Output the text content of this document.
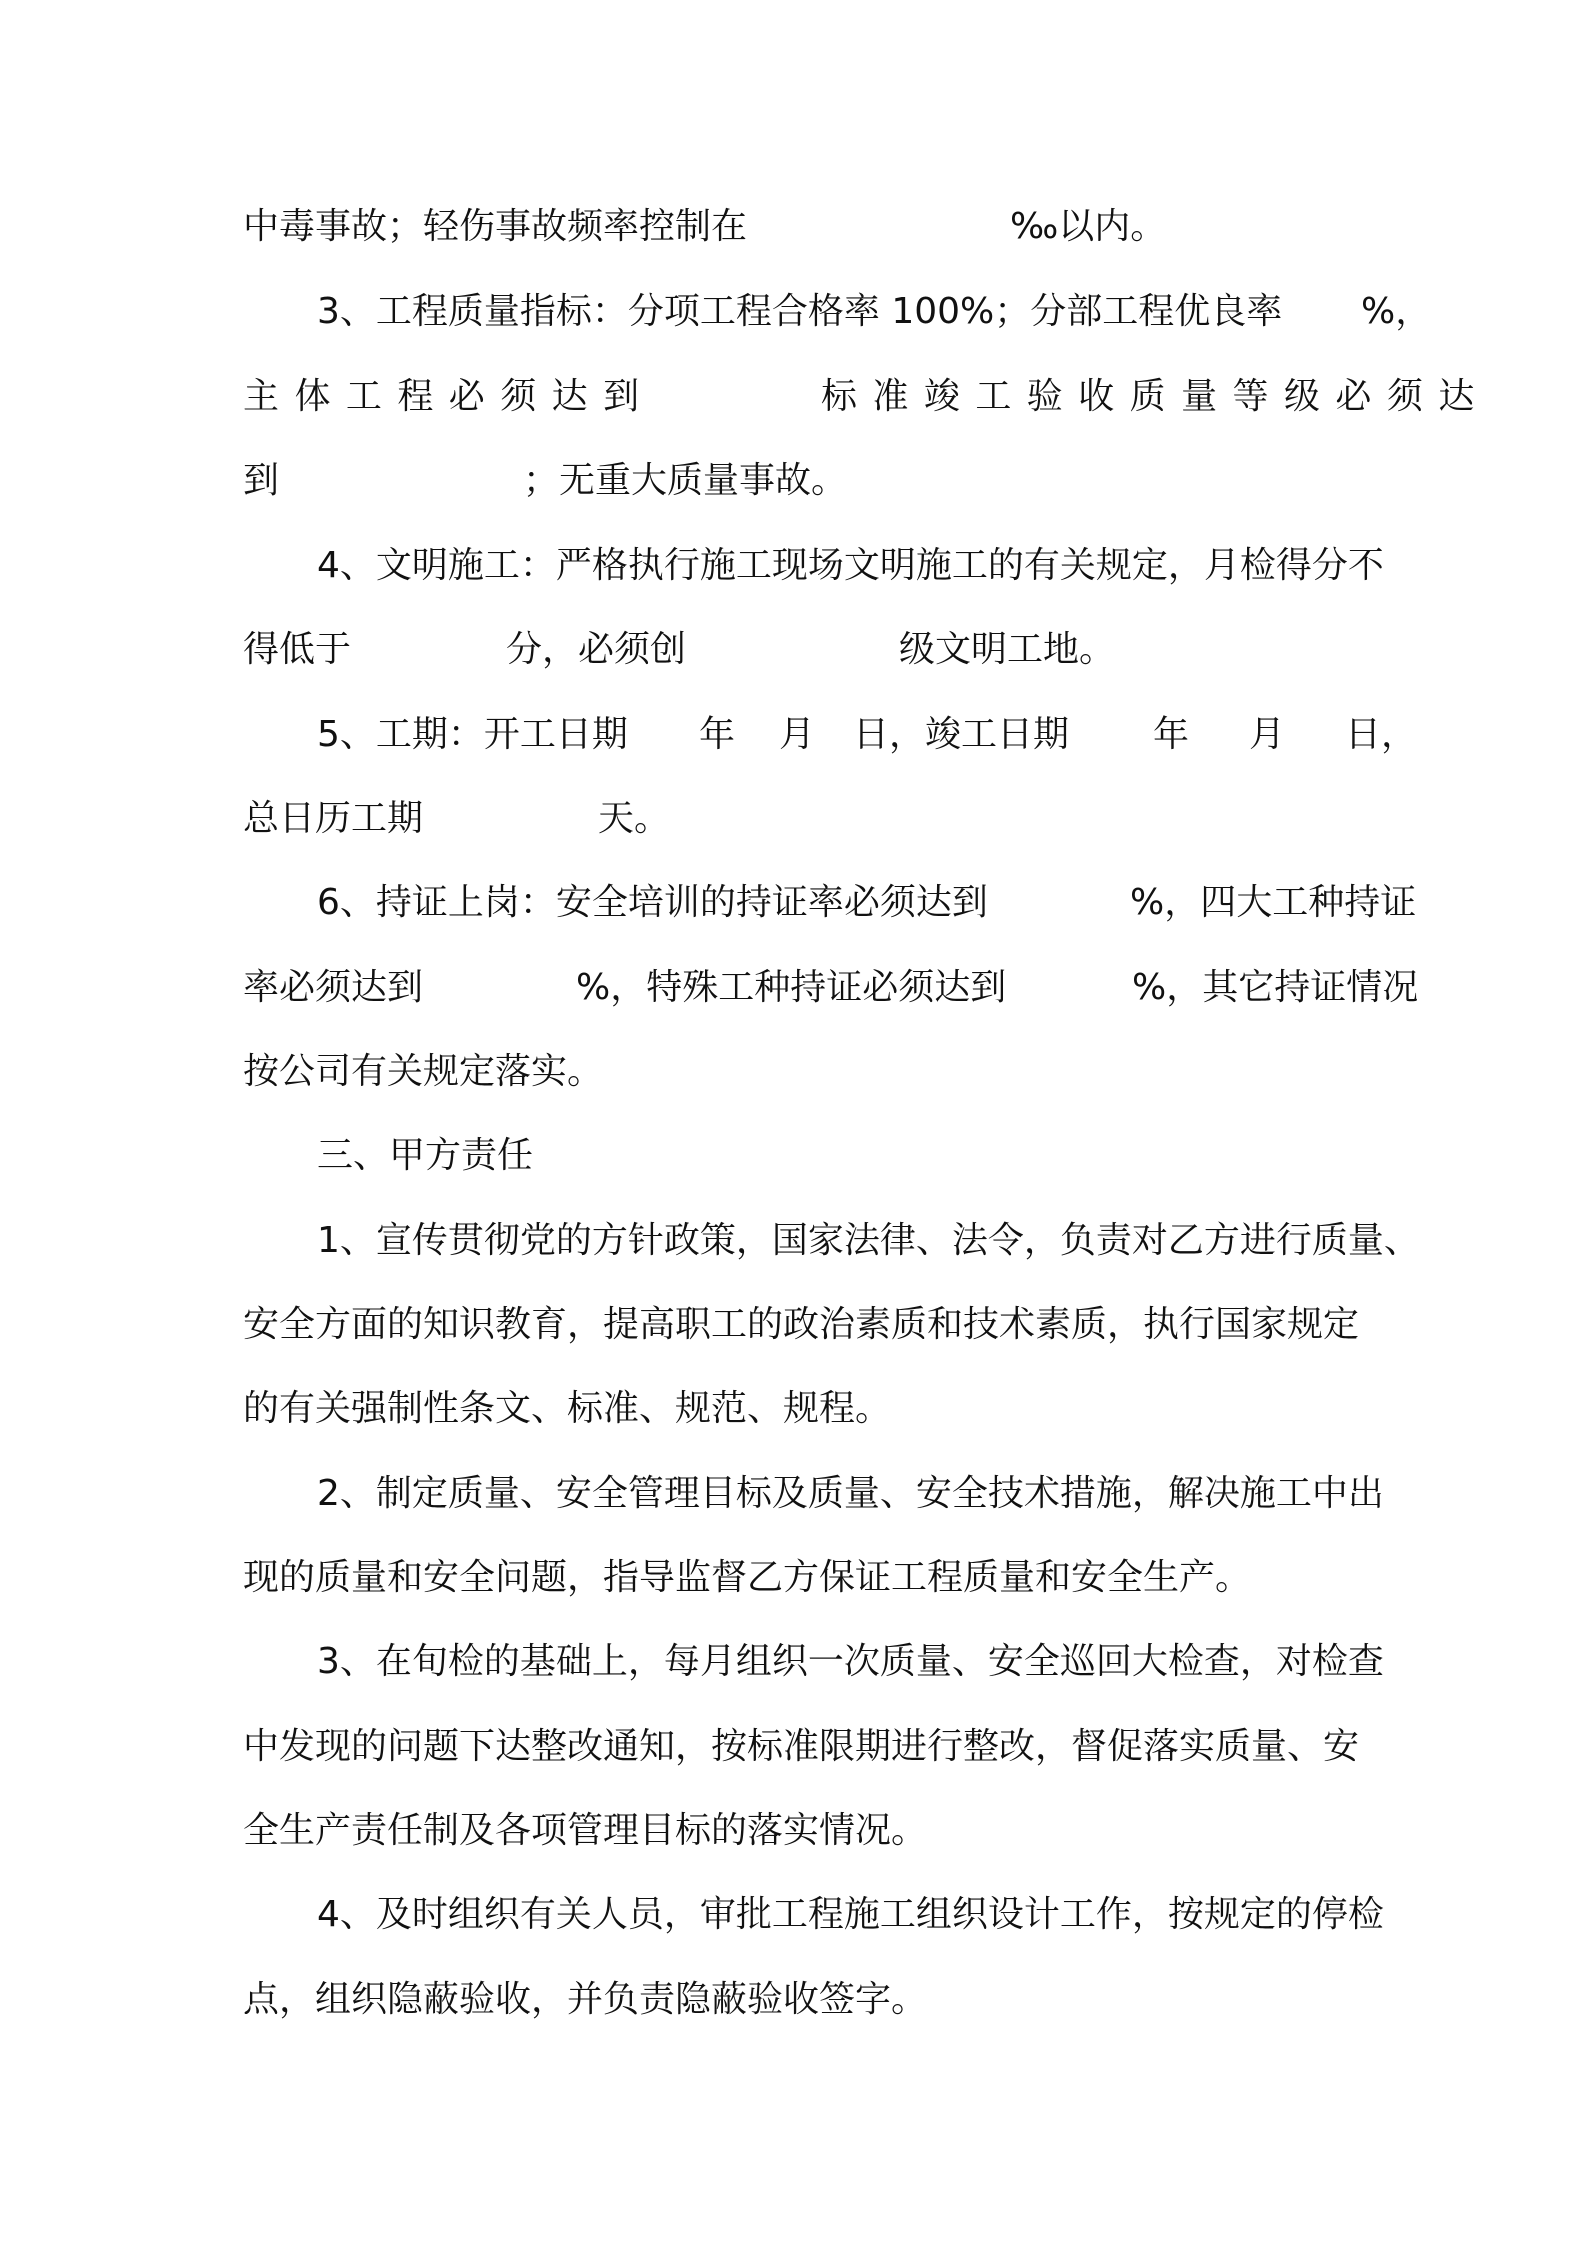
中毒事故；轻伤事故频率控制在	‰以内。
3、工程质量指标：分项工程合格率 100%；分部工程优良率 %，
主 体 工 程 必 须 达 到	标 准 竣 工 验 收 质 量 等 级 必 须 达
到	；无重大质量事故。
4、文明施工：严格执行施工现场文明施工的有关规定，月检得分不
得低于	分，必须创	级文明工地。
5、工期：开工日期 年 月 日，竣工日期 年 月 日，
总日历工期	天。
6、持证上岗：安全培训的持证率必须达到	%，四大工种持证
率必须达到	%，特殊工种持证必须达到	%，其它持证情况
按公司有关规定落实。
三、甲方责任
1、宣传贯彻党的方针政策，国家法律、法令，负责对乙方进行质量、
安全方面的知识教育，提高职工的政治素质和技术素质，执行国家规定
的有关强制性条文、标准、规范、规程。
2、制定质量、安全管理目标及质量、安全技术措施，解决施工中出
现的质量和安全问题，指导监督乙方保证工程质量和安全生产。
3、在旬检的基础上，每月组织一次质量、安全巡回大检查，对检查
中发现的问题下达整改通知，按标准限期进行整改，督促落实质量、安
全生产责任制及各项管理目标的落实情况。
4、及时组织有关人员，审批工程施工组织设计工作，按规定的停检
点，组织隐蔽验收，并负责隐蔽验收签字。
